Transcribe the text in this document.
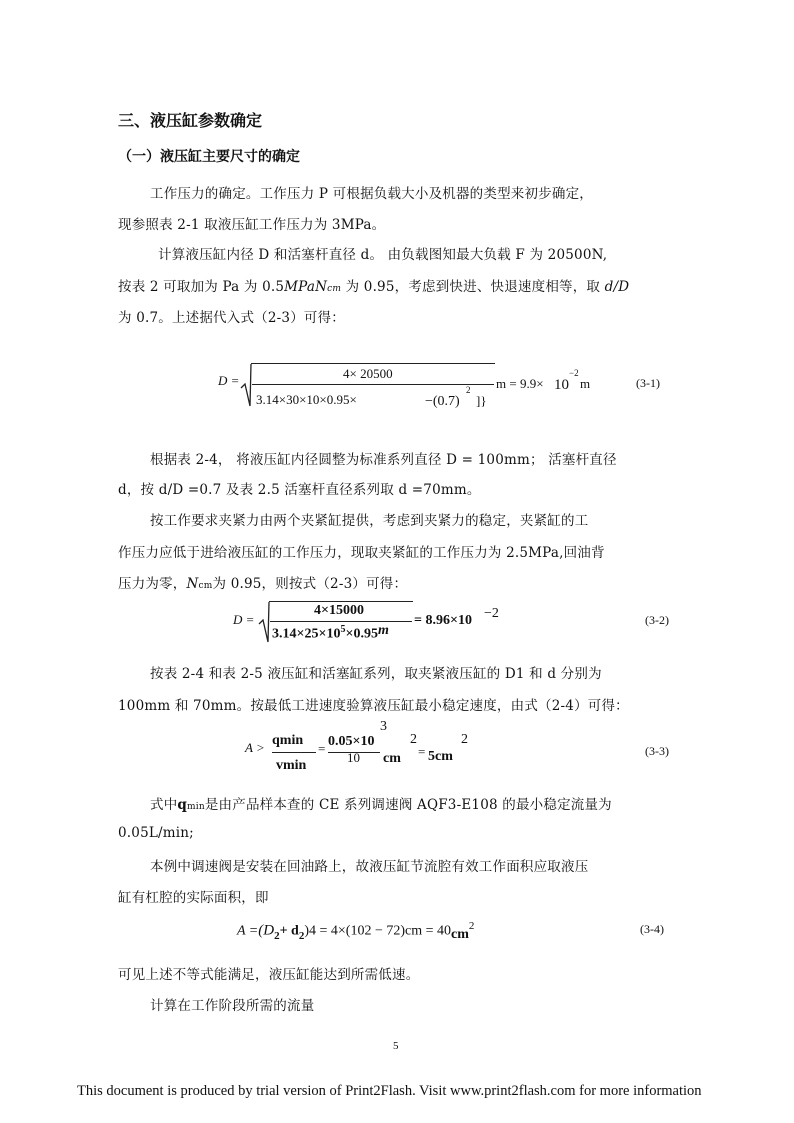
三、液压缸参数确定
（一）液压缸主要尺寸的确定
工作压力的确定。工作压力 P 可根据负载大小及机器的类型来初步确定，
现参照表 2-1 取液压缸工作压力为 3MPa。
计算液压缸内径 D 和活塞杆直径 d。 由负载图知最大负载 F 为 20500N,
按表 2 可取加为 Pa 为 0.5MPaNcm 为 0.95，考虑到快进、快退速度相等，取 d/D
为 0.7。上述据代入式（2-3）可得：
D =	4× 20500
3.14×30×10×0.95×	−(0.7)
2
]}
m = 9.9× 10
−2
m	(3-1)
根据表 2-4， 将液压缸内径圆整为标准系列直径 D = 100mm； 活塞杆直径
d，按 d/D =0.7 及表 2.5 活塞杆直径系列取 d =70mm。
按工作要求夹紧力由两个夹紧缸提供，考虑到夹紧力的稳定，夹紧缸的工
作压力应低于进给液压缸的工作压力，现取夹紧缸的工作压力为 2.5MPa,回油背
压力为零，Ncm为 0.95，则按式（2-3）可得：
D =
4×15000
$3.14\times 25\times 10^5\times 0.95m$
= 8.96×10 −2	(3-2)
按表 2-4 和表 2-5 液压缸和活塞缸系列，取夹紧液压缸的 D1 和 d 分别为
100mm 和 70mm。按最低工进速度验算液压缸最小稳定速度，由式（2-4）可得：
A > qmin
vmin
= 0.05×10
3
10 cm
2
= 5cm
2
(3-3)
式中qmin是由产品样本查的 CE 系列调速阀 AQF3-E108 的最小稳定流量为
0.05L/min;
本例中调速阀是安装在回油路上，故液压缸节流腔有效工作面积应取液压
缸有杠腔的实际面积，即
$A =(D_2+ d_2)4 = 4\times(102 - 72)cm = 40cm^2$	(3-4)
可见上述不等式能满足，液压缸能达到所需低速。
计算在工作阶段所需的流量
5
This document is produced by trial version of Print2Flash. Visit www.print2flash.com for more information
